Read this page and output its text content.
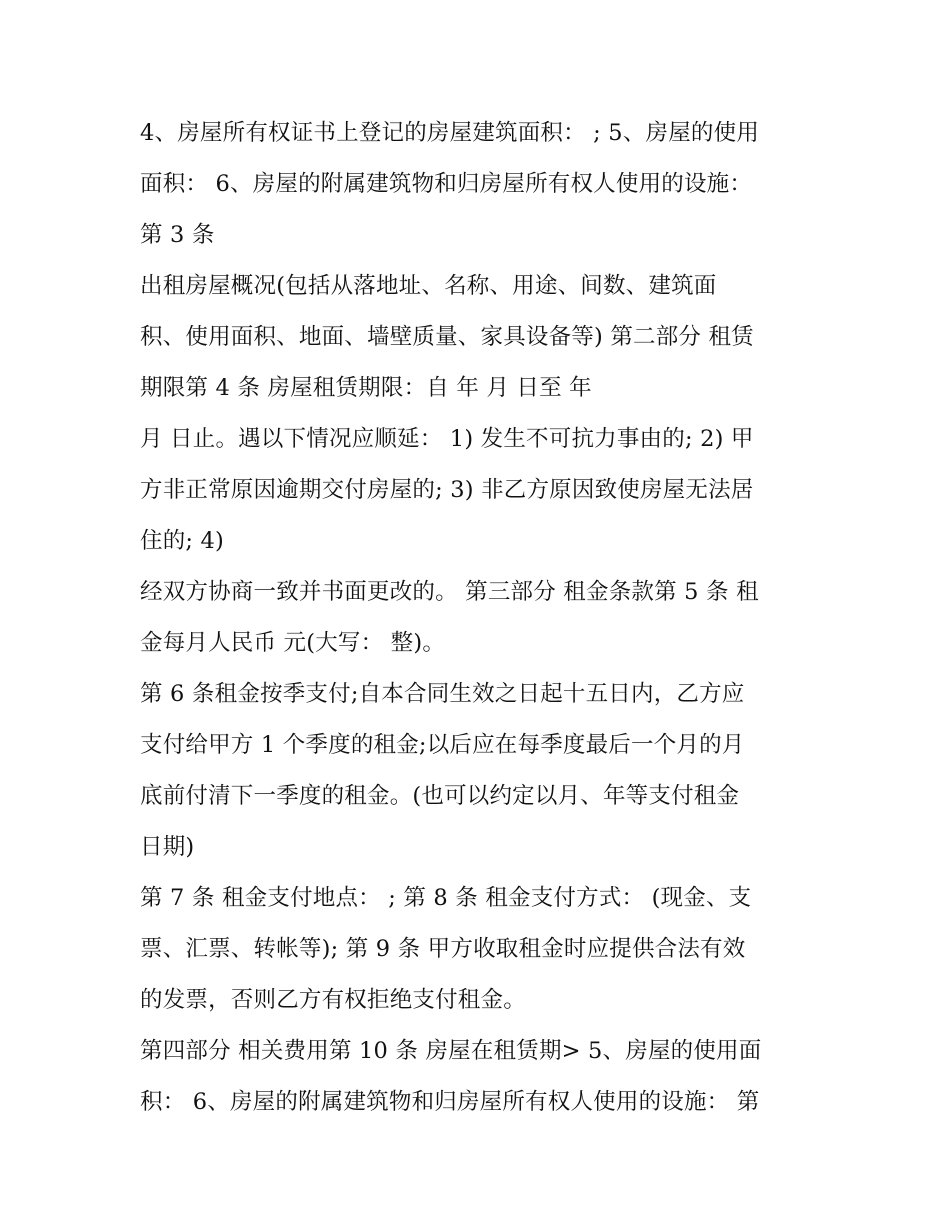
4、房屋所有权证书上登记的房屋建筑面积： ; 5、房屋的使用
面积： 6、房屋的附属建筑物和归房屋所有权人使用的设施：
第 3 条
出租房屋概况(包括从落地址、名称、用途、间数、建筑面
积、使用面积、地面、墙壁质量、家具设备等) 第二部分 租赁
期限第 4 条 房屋租赁期限：自 年 月 日至 年
月 日止。遇以下情况应顺延： 1) 发生不可抗力事由的; 2) 甲
方非正常原因逾期交付房屋的; 3) 非乙方原因致使房屋无法居
住的; 4)
经双方协商一致并书面更改的。 第三部分 租金条款第 5 条 租
金每月人民币 元(大写： 整)。
第 6 条租金按季支付;自本合同生效之日起十五日内，乙方应
支付给甲方 1 个季度的租金;以后应在每季度最后一个月的月
底前付清下一季度的租金。(也可以约定以月、年等支付租金
日期)
第 7 条 租金支付地点： ; 第 8 条 租金支付方式： (现金、支
票、汇票、转帐等); 第 9 条 甲方收取租金时应提供合法有效
的发票，否则乙方有权拒绝支付租金。
第四部分 相关费用第 10 条 房屋在租赁期> 5、房屋的使用面
积： 6、房屋的附属建筑物和归房屋所有权人使用的设施： 第
